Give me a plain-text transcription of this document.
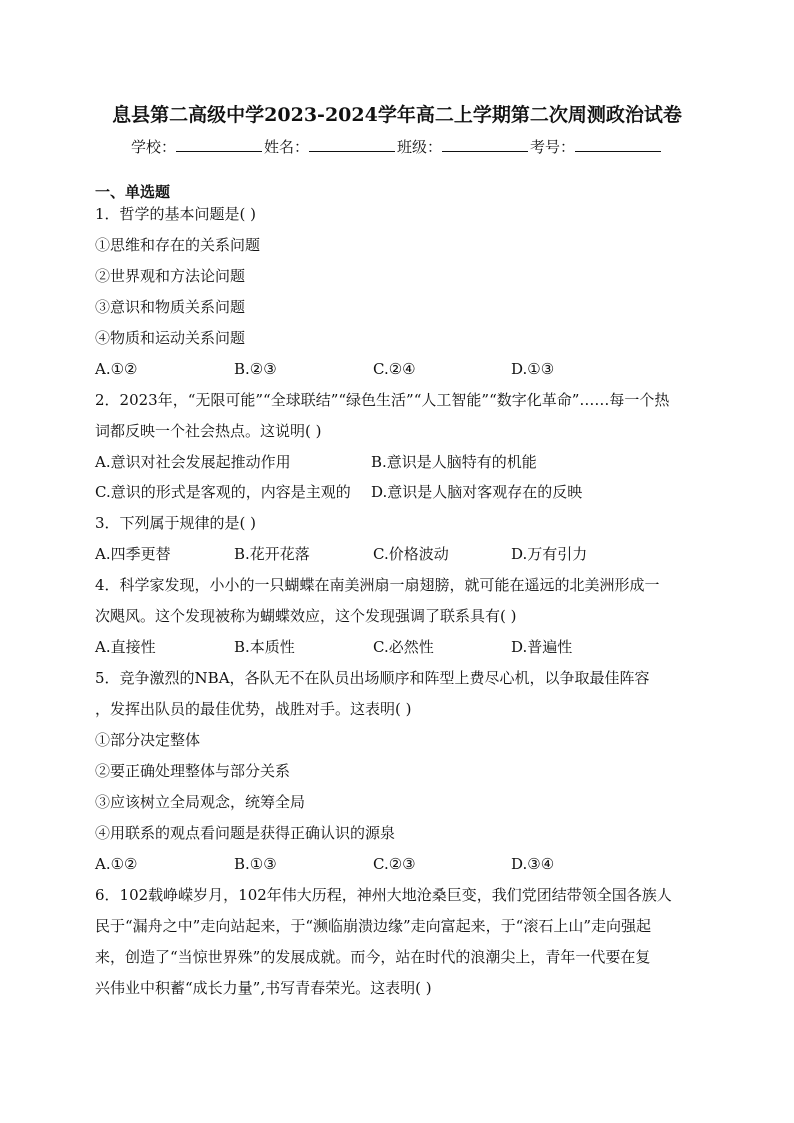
息县第二高级中学2023-2024学年高二上学期第二次周测政治试卷
学校：	姓名：	班级：	考号：
一、单选题
1．哲学的基本问题是( )
①思维和存在的关系问题
②世界观和方法论问题
③意识和物质关系问题
④物质和运动关系问题
A.①②	B.②③	C.②④	D.①③
2．2023年，“无限可能”“全球联结”“绿色生活”“人工智能”“数字化革命”……每一个热
词都反映一个社会热点。这说明( )
A.意识对社会发展起推动作用	B.意识是人脑特有的机能
C.意识的形式是客观的，内容是主观的 D.意识是人脑对客观存在的反映
3．下列属于规律的是( )
A.四季更替	B.花开花落	C.价格波动	D.万有引力
4．科学家发现，小小的一只蝴蝶在南美洲扇一扇翅膀，就可能在遥远的北美洲形成一
次飓风。这个发现被称为蝴蝶效应，这个发现强调了联系具有( )
A.直接性	B.本质性	C.必然性	D.普遍性
5．竞争激烈的NBA，各队无不在队员出场顺序和阵型上费尽心机，以争取最佳阵容
，发挥出队员的最佳优势，战胜对手。这表明( )
①部分决定整体
②要正确处理整体与部分关系
③应该树立全局观念，统筹全局
④用联系的观点看问题是获得正确认识的源泉
A.①②	B.①③	C.②③	D.③④
6．102载峥嵘岁月，102年伟大历程，神州大地沧桑巨变，我们党团结带领全国各族人
民于“漏舟之中”走向站起来，于“濒临崩溃边缘”走向富起来，于“滚石上山”走向强起
来，创造了“当惊世界殊”的发展成就。而今，站在时代的浪潮尖上，青年一代要在复
兴伟业中积蓄“成长力量”,书写青春荣光。这表明( )
